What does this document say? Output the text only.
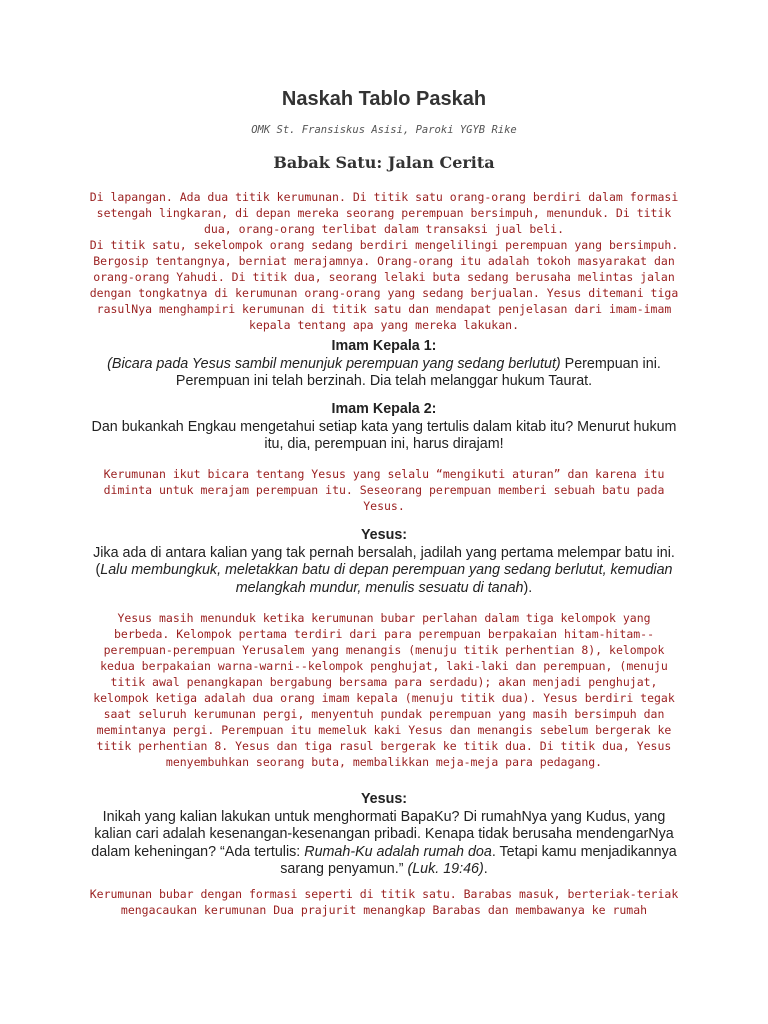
Naskah Tablo Paskah
OMK St. Fransiskus Asisi, Paroki YGYB Rike
Babak Satu: Jalan Cerita

Di lapangan. Ada dua titik kerumunan. Di titik satu orang-orang berdiri dalam formasi setengah lingkaran, di depan mereka seorang perempuan bersimpuh, menunduk. Di titik dua, orang-orang terlibat dalam transaksi jual beli.

Di titik satu, sekelompok orang sedang berdiri mengelilingi perempuan yang bersimpuh. Bergosip tentangnya, berniat merajamnya. Orang-orang itu adalah tokoh masyarakat dan orang-orang Yahudi. Di titik dua, seorang lelaki buta sedang berusaha melintas jalan dengan tongkatnya di kerumunan orang-orang yang sedang berjualan. Yesus ditemani tiga rasulNya menghampiri kerumunan di titik satu dan mendapat penjelasan dari imam-imam kepala tentang apa yang mereka lakukan.

Imam Kepala 1:
(Bicara pada Yesus sambil menunjuk perempuan yang sedang berlutut) Perempuan ini. Perempuan ini telah berzinah. Dia telah melanggar hukum Taurat.
Imam Kepala 2:
Dan bukankah Engkau mengetahui setiap kata yang tertulis dalam kitab itu? Menurut hukum itu, dia, perempuan ini, harus dirajam!

Kerumunan ikut bicara tentang Yesus yang selalu “mengikuti aturan” dan karena itu diminta untuk merajam perempuan itu. Seseorang perempuan memberi sebuah batu pada Yesus.

Yesus:
Jika ada di antara kalian yang tak pernah bersalah, jadilah yang pertama melempar batu ini. (Lalu membungkuk, meletakkan batu di depan perempuan yang sedang berlutut, kemudian melangkah mundur, menulis sesuatu di tanah).

Yesus masih menunduk ketika kerumunan bubar perlahan dalam tiga kelompok yang berbeda. Kelompok pertama terdiri dari para perempuan berpakaian hitam-hitam--perempuan-perempuan Yerusalem yang menangis (menuju titik perhentian 8), kelompok kedua berpakaian warna-warni--kelompok penghujat, laki-laki dan perempuan, (menuju titik awal penangkapan bergabung bersama para serdadu); akan menjadi penghujat, kelompok ketiga adalah dua orang imam kepala (menuju titik dua). Yesus berdiri tegak saat seluruh kerumunan pergi, menyentuh pundak perempuan yang masih bersimpuh dan memintanya pergi. Perempuan itu memeluk kaki Yesus dan menangis sebelum bergerak ke titik perhentian 8. Yesus dan tiga rasul bergerak ke titik dua. Di titik dua, Yesus menyembuhkan seorang buta, membalikkan meja-meja para pedagang.

Yesus:
Inikah yang kalian lakukan untuk menghormati BapaKu? Di rumahNya yang Kudus, yang kalian cari adalah kesenangan-kesenangan pribadi. Kenapa tidak berusaha mendengarNya dalam keheningan? “Ada tertulis: Rumah-Ku adalah rumah doa. Tetapi kamu menjadikannya sarang penyamun.” (Luk. 19:46).

Kerumunan bubar dengan formasi seperti di titik satu. Barabas masuk, berteriak-teriak mengacaukan kerumunan Dua prajurit menangkap Barabas dan membawanya ke rumah
